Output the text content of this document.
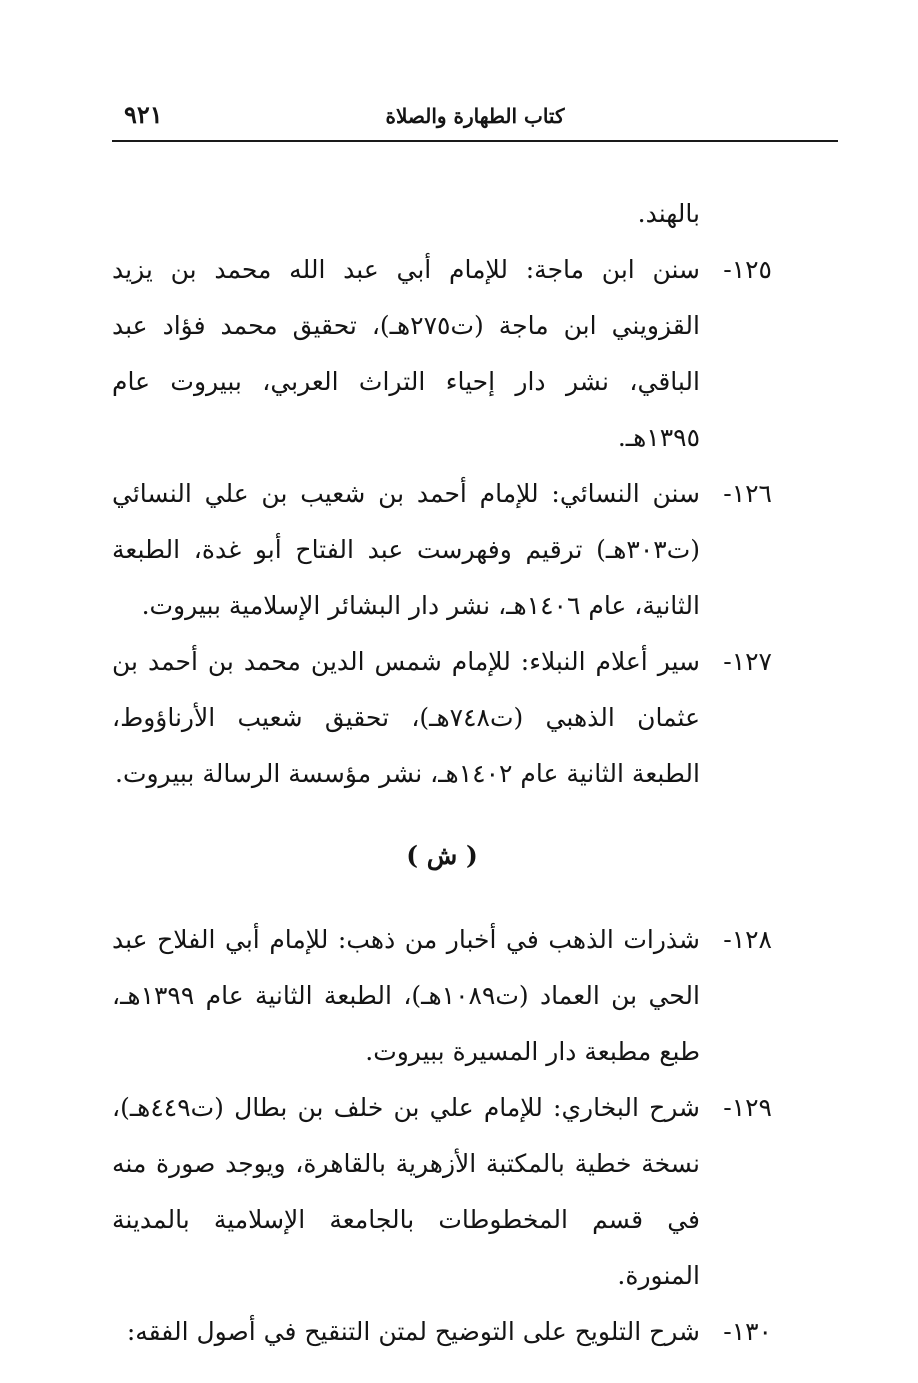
٩٢١	كتاب الطهارة والصلاة
بالهند.
١٢٥-
سنن ابن ماجة: للإمام أبي عبد الله محمد بن يزيد القزويني ابن ماجة (ت٢٧٥هـ)، تحقيق محمد فؤاد عبد الباقي، نشر دار إحياء التراث العربي، ببيروت عام ١٣٩٥هـ.
١٢٦-
سنن النسائي: للإمام أحمد بن شعيب بن علي النسائي (ت٣٠٣هـ) ترقيم وفهرست عبد الفتاح أبو غدة، الطبعة الثانية، عام ١٤٠٦هـ، نشر دار البشائر الإسلامية ببيروت.
١٢٧-
سير أعلام النبلاء: للإمام شمس الدين محمد بن أحمد بن عثمان الذهبي (ت٧٤٨هـ)، تحقيق شعيب الأرناؤوط، الطبعة الثانية عام ١٤٠٢هـ، نشر مؤسسة الرسالة ببيروت.
( ش )
١٢٨-
شذرات الذهب في أخبار من ذهب: للإمام أبي الفلاح عبد الحي بن العماد (ت١٠٨٩هـ)، الطبعة الثانية عام ١٣٩٩هـ، طبع مطبعة دار المسيرة ببيروت.
١٢٩-
شرح البخاري: للإمام علي بن خلف بن بطال (ت٤٤٩هـ)، نسخة خطية بالمكتبة الأزهرية بالقاهرة، ويوجد صورة منه في قسم المخطوطات بالجامعة الإسلامية بالمدينة المنورة.
١٣٠-
شرح التلويح على التوضيح لمتن التنقيح في أصول الفقه:
